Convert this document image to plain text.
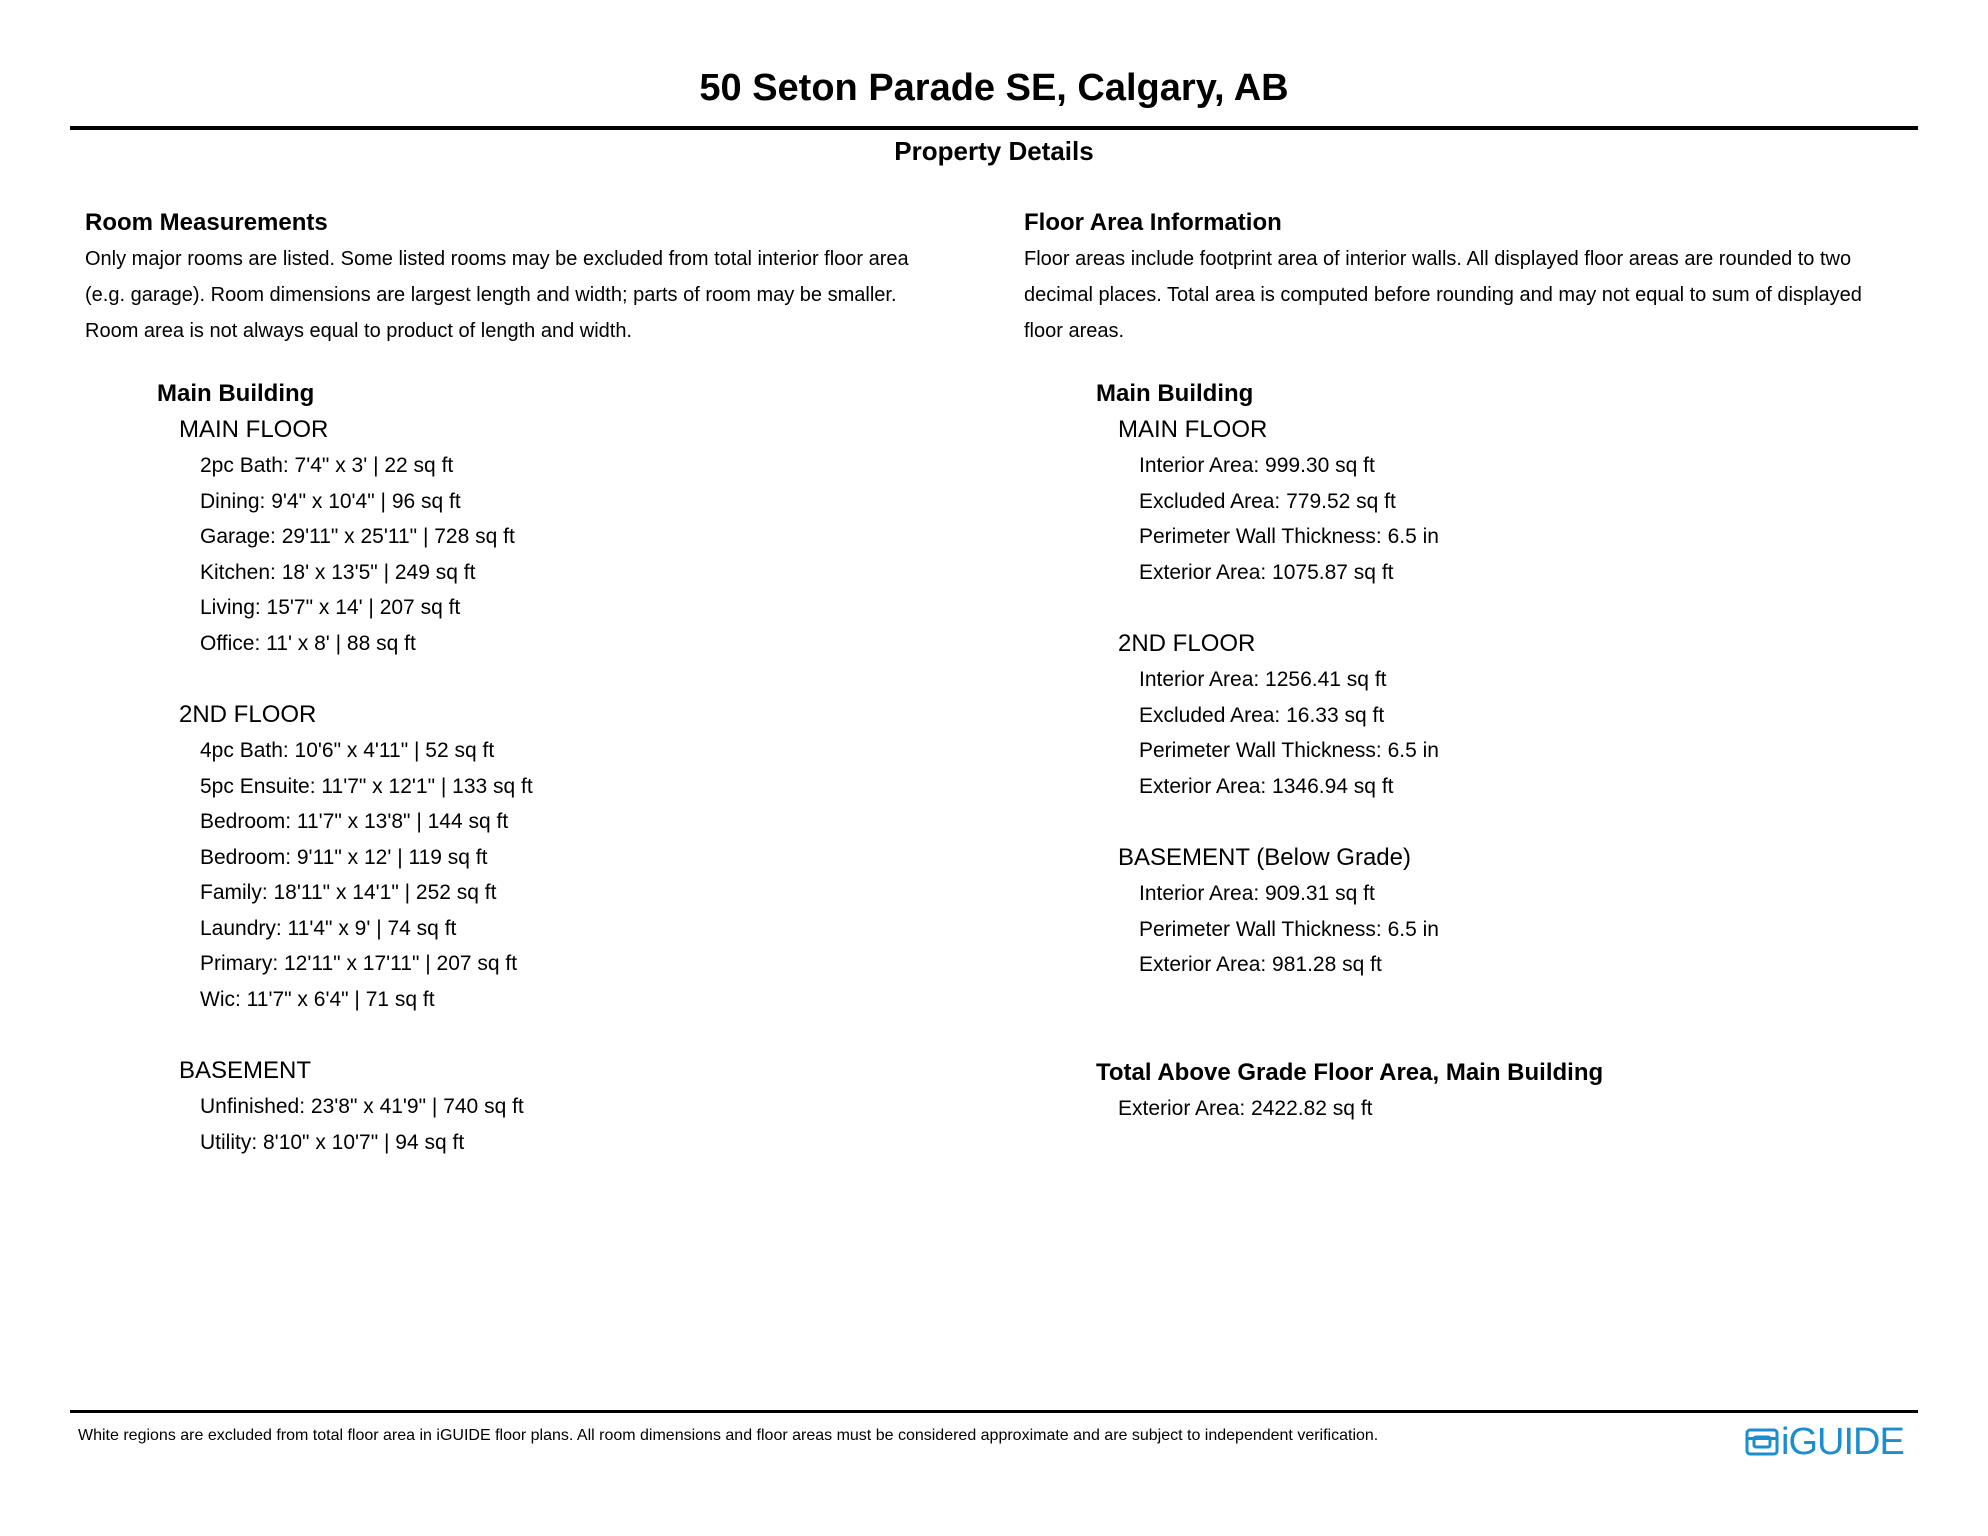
50 Seton Parade SE, Calgary, AB
Property Details
Room Measurements
Only major rooms are listed. Some listed rooms may be excluded from total interior floor area
(e.g. garage). Room dimensions are largest length and width; parts of room may be smaller.
Room area is not always equal to product of length and width.
Main Building
MAIN FLOOR
2pc Bath: 7'4" x 3' | 22 sq ft
Dining: 9'4" x 10'4" | 96 sq ft
Garage: 29'11" x 25'11" | 728 sq ft
Kitchen: 18' x 13'5" | 249 sq ft
Living: 15'7" x 14' | 207 sq ft
Office: 11' x 8' | 88 sq ft
2ND FLOOR
4pc Bath: 10'6" x 4'11" | 52 sq ft
5pc Ensuite: 11'7" x 12'1" | 133 sq ft
Bedroom: 11'7" x 13'8" | 144 sq ft
Bedroom: 9'11" x 12' | 119 sq ft
Family: 18'11" x 14'1" | 252 sq ft
Laundry: 11'4" x 9' | 74 sq ft
Primary: 12'11" x 17'11" | 207 sq ft
Wic: 11'7" x 6'4" | 71 sq ft
BASEMENT
Unfinished: 23'8" x 41'9" | 740 sq ft
Utility: 8'10" x 10'7" | 94 sq ft
Floor Area Information
Floor areas include footprint area of interior walls. All displayed floor areas are rounded to two
decimal places. Total area is computed before rounding and may not equal to sum of displayed
floor areas.
Main Building
MAIN FLOOR
Interior Area: 999.30 sq ft
Excluded Area: 779.52 sq ft
Perimeter Wall Thickness: 6.5 in
Exterior Area: 1075.87 sq ft
2ND FLOOR
Interior Area: 1256.41 sq ft
Excluded Area: 16.33 sq ft
Perimeter Wall Thickness: 6.5 in
Exterior Area: 1346.94 sq ft
BASEMENT (Below Grade)
Interior Area: 909.31 sq ft
Perimeter Wall Thickness: 6.5 in
Exterior Area: 981.28 sq ft
Total Above Grade Floor Area, Main Building
Exterior Area: 2422.82 sq ft
White regions are excluded from total floor area in iGUIDE floor plans. All room dimensions and floor areas must be considered approximate and are subject to independent verification.	iGUIDE
